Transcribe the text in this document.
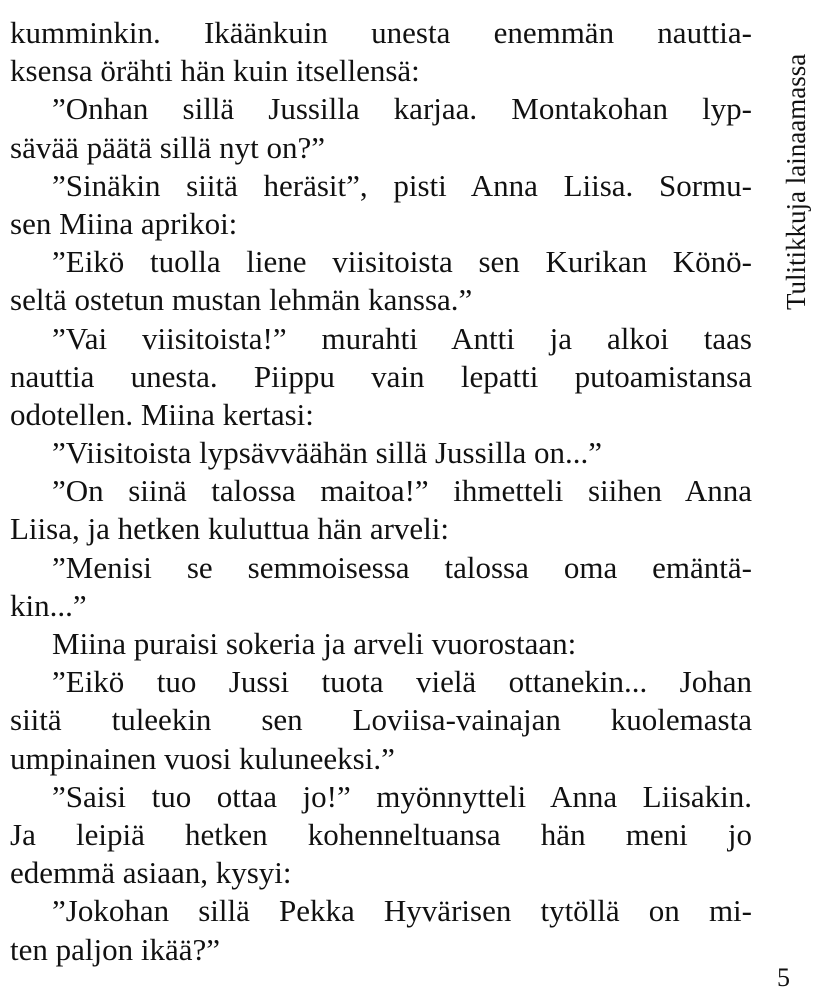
kumminkin. Ikäänkuin unesta enemmän nauttia-
ksensa örähti hän kuin itsellensä:
”Onhan sillä Jussilla karjaa. Montakohan lyp-
sävää päätä sillä nyt on?”
”Sinäkin siitä heräsit”, pisti Anna Liisa. Sormu-
sen Miina aprikoi:
”Eikö tuolla liene viisitoista sen Kurikan Könö-
seltä ostetun mustan lehmän kanssa.”
”Vai viisitoista!” murahti Antti ja alkoi taas
nauttia unesta. Piippu vain lepatti putoamistansa
odotellen. Miina kertasi:
”Viisitoista lypsävväähän sillä Jussilla on...”
”On siinä talossa maitoa!” ihmetteli siihen Anna
Liisa, ja hetken kuluttua hän arveli:
”Menisi se semmoisessa talossa oma emäntä-
kin...”
Miina puraisi sokeria ja arveli vuorostaan:
”Eikö tuo Jussi tuota vielä ottanekin... Johan
siitä tuleekin sen Loviisa-vainajan kuolemasta
umpinainen vuosi kuluneeksi.”
”Saisi tuo ottaa jo!” myönnytteli Anna Liisakin.
Ja leipiä hetken kohenneltuansa hän meni jo
edemmä asiaan, kysyi:
”Jokohan sillä Pekka Hyvärisen tytöllä on mi-
ten paljon ikää?”
Tulitikkuja lainaamassa
5
